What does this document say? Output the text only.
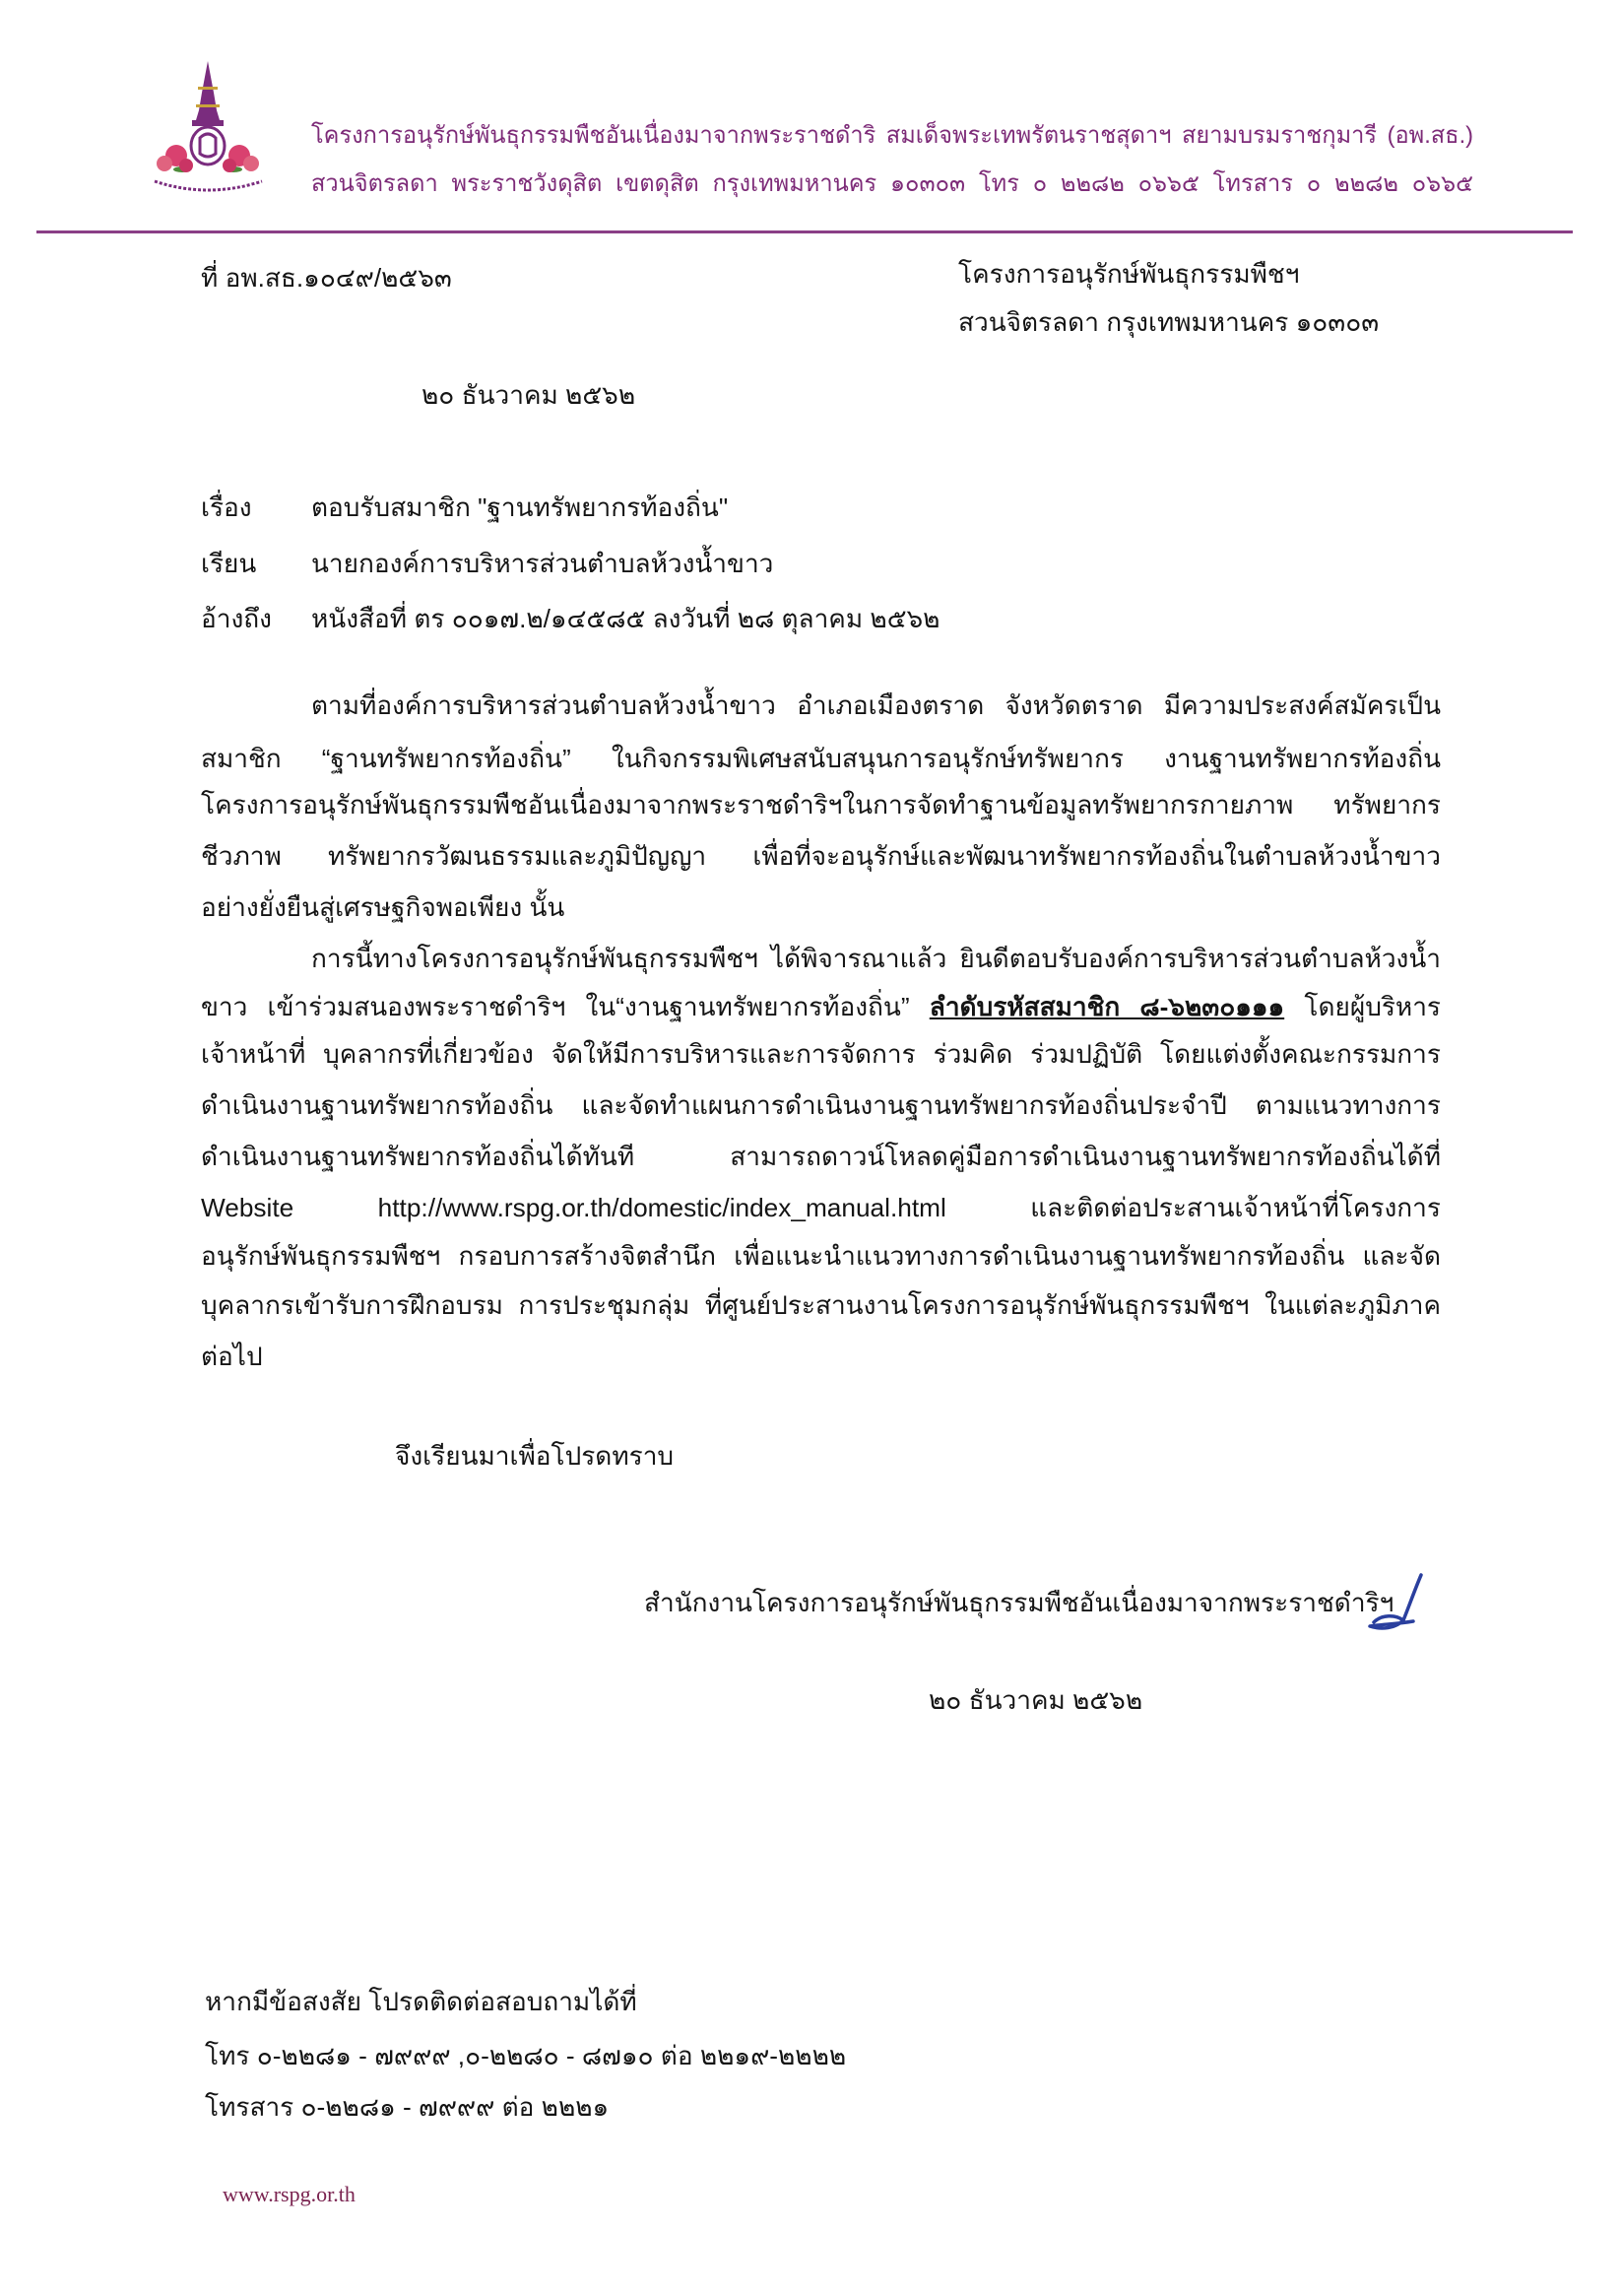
โครงการอนุรักษ์พันธุกรรมพืชอันเนื่องมาจากพระราชดำริ สมเด็จพระเทพรัตนราชสุดาฯ สยามบรมราชกุมารี (อพ.สธ.)
สวนจิตรลดา พระราชวังดุสิต เขตดุสิต กรุงเทพมหานคร ๑๐๓๐๓ โทร ๐ ๒๒๘๒ ๐๖๖๕ โทรสาร ๐ ๒๒๘๒ ๐๖๖๕
ที่ อพ.สธ.๑๐๔๙/๒๕๖๓	โครงการอนุรักษ์พันธุกรรมพืชฯ
สวนจิตรลดา กรุงเทพมหานคร ๑๐๓๐๓
๒๐ ธันวาคม ๒๕๖๒
เรื่อง ตอบรับสมาชิก "ฐานทรัพยากรท้องถิ่น"
เรียน นายกองค์การบริหารส่วนตำบลห้วงน้ำขาว
อ้างถึง หนังสือที่ ตร ๐๐๑๗.๒/๑๔๕๘๕ ลงวันที่ ๒๘ ตุลาคม ๒๕๖๒
ตามที่องค์การบริหารส่วนตำบลห้วงน้ำขาว อำเภอเมืองตราด จังหวัดตราด มีความประสงค์สมัครเป็น
สมาชิก “ฐานทรัพยากรท้องถิ่น” ในกิจกรรมพิเศษสนับสนุนการอนุรักษ์ทรัพยากร งานฐานทรัพยากรท้องถิ่น
โครงการอนุรักษ์พันธุกรรมพืชอันเนื่องมาจากพระราชดำริฯในการจัดทำฐานข้อมูลทรัพยากรกายภาพ ทรัพยากร
ชีวภาพ ทรัพยากรวัฒนธรรมและภูมิปัญญา เพื่อที่จะอนุรักษ์และพัฒนาทรัพยากรท้องถิ่นในตำบลห้วงน้ำขาว
อย่างยั่งยืนสู่เศรษฐกิจพอเพียง นั้น
การนี้ทางโครงการอนุรักษ์พันธุกรรมพืชฯ ได้พิจารณาแล้ว ยินดีตอบรับองค์การบริหารส่วนตำบลห้วงน้ำ
ขาว เข้าร่วมสนองพระราชดำริฯ ใน“งานฐานทรัพยากรท้องถิ่น” ลำดับรหัสสมาชิก ๘-๖๒๓๐๑๑๑ โดยผู้บริหาร
เจ้าหน้าที่ บุคลากรที่เกี่ยวข้อง จัดให้มีการบริหารและการจัดการ ร่วมคิด ร่วมปฏิบัติ โดยแต่งตั้งคณะกรรมการ
ดำเนินงานฐานทรัพยากรท้องถิ่น และจัดทำแผนการดำเนินงานฐานทรัพยากรท้องถิ่นประจำปี ตามแนวทางการ
ดำเนินงานฐานทรัพยากรท้องถิ่นได้ทันที สามารถดาวน์โหลดคู่มือการดำเนินงานฐานทรัพยากรท้องถิ่นได้ที่
Website http://www.rspg.or.th/domestic/index_manual.html และติดต่อประสานเจ้าหน้าที่โครงการ
อนุรักษ์พันธุกรรมพืชฯ กรอบการสร้างจิตสำนึก เพื่อแนะนำแนวทางการดำเนินงานฐานทรัพยากรท้องถิ่น และจัด
บุคลากรเข้ารับการฝึกอบรม การประชุมกลุ่ม ที่ศูนย์ประสานงานโครงการอนุรักษ์พันธุกรรมพืชฯ ในแต่ละภูมิภาค
ต่อไป
จึงเรียนมาเพื่อโปรดทราบ
สำนักงานโครงการอนุรักษ์พันธุกรรมพืชอันเนื่องมาจากพระราชดำริฯ
๒๐ ธันวาคม ๒๕๖๒
หากมีข้อสงสัย โปรดติดต่อสอบถามได้ที่
โทร ๐-๒๒๘๑ - ๗๙๙๙ ,๐-๒๒๘๐ - ๘๗๑๐ ต่อ ๒๒๑๙-๒๒๒๒
โทรสาร ๐-๒๒๘๑ - ๗๙๙๙ ต่อ ๒๒๒๑
www.rspg.or.th
